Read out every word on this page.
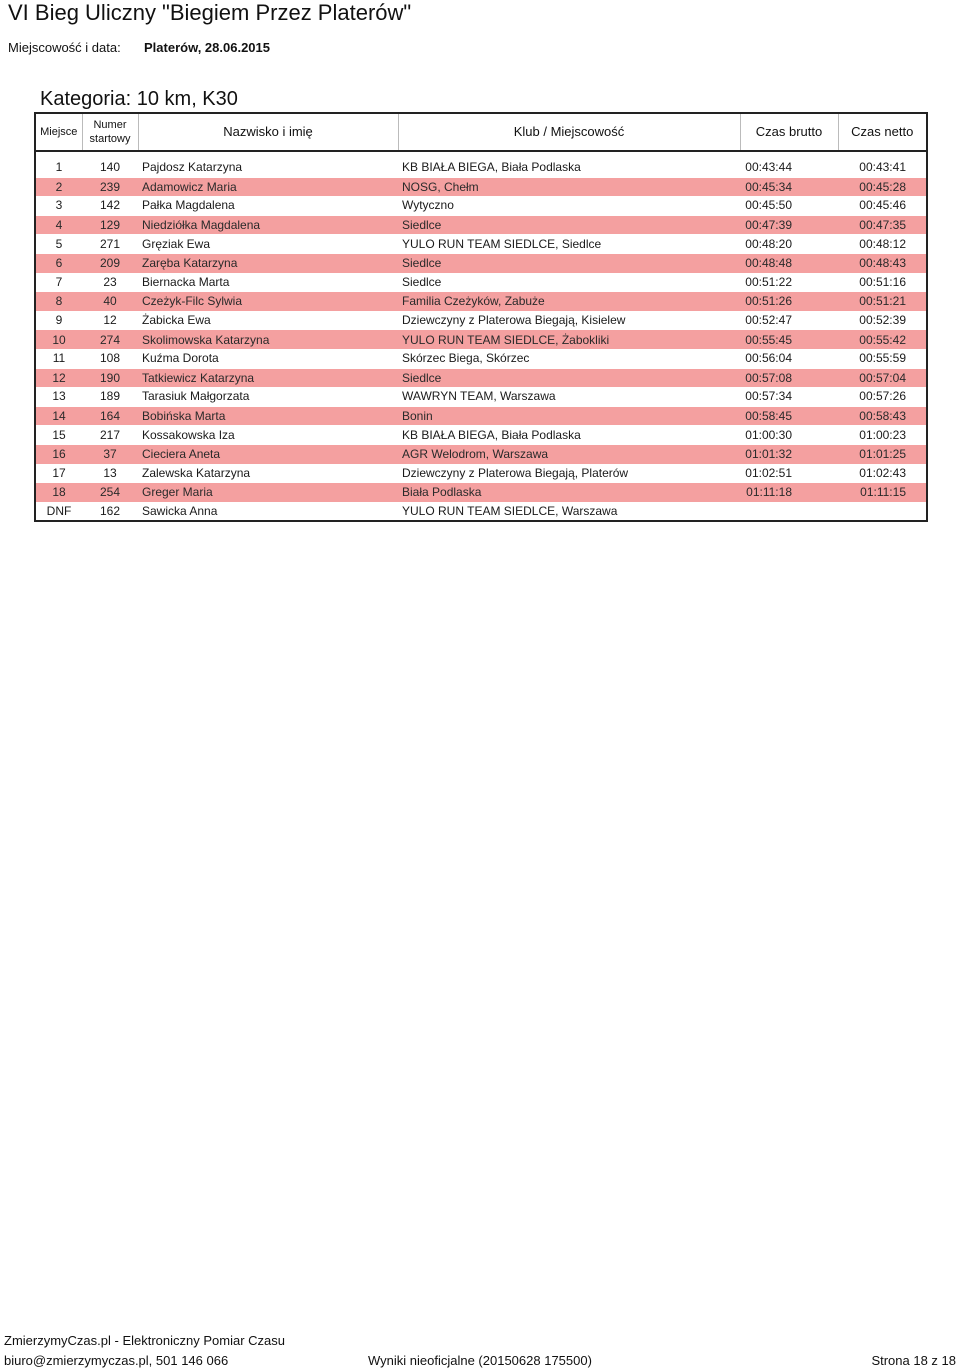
VI Bieg Uliczny "Biegiem Przez Platerów"
Miejscowość i data: Platerów, 28.06.2015
Kategoria: 10 km, K30
Miejsce	Numer
startowy	Nazwisko i imię	Klub / Miejscowość	Czas brutto	Czas netto

1	140	Pajdosz Katarzyna	KB BIAŁA BIEGA, Biała Podlaska	00:43:44	00:43:41
2	239	Adamowicz Maria	NOSG, Chełm	00:45:34	00:45:28
3	142	Pałka Magdalena	Wytyczno	00:45:50	00:45:46
4	129	Niedziółka Magdalena	Siedlce	00:47:39	00:47:35
5	271	Gręziak Ewa	YULO RUN TEAM SIEDLCE, Siedlce	00:48:20	00:48:12
6	209	Zaręba Katarzyna	Siedlce	00:48:48	00:48:43
7	23	Biernacka Marta	Siedlce	00:51:22	00:51:16
8	40	Czeżyk-Filc Sylwia	Familia Czeżyków, Zabuże	00:51:26	00:51:21
9	12	Żabicka Ewa	Dziewczyny z Platerowa Biegają, Kisielew	00:52:47	00:52:39
10	274	Skolimowska Katarzyna	YULO RUN TEAM SIEDLCE, Żabokliki	00:55:45	00:55:42
11	108	Kuźma Dorota	Skórzec Biega, Skórzec	00:56:04	00:55:59
12	190	Tatkiewicz Katarzyna	Siedlce	00:57:08	00:57:04
13	189	Tarasiuk Małgorzata	WAWRYN TEAM, Warszawa	00:57:34	00:57:26
14	164	Bobińska Marta	Bonin	00:58:45	00:58:43
15	217	Kossakowska Iza	KB BIAŁA BIEGA, Biała Podlaska	01:00:30	01:00:23
16	37	Cieciera Aneta	AGR Welodrom, Warszawa	01:01:32	01:01:25
17	13	Zalewska Katarzyna	Dziewczyny z Platerowa Biegają, Platerów	01:02:51	01:02:43
18	254	Greger Maria	Biała Podlaska	01:11:18	01:11:15
DNF	162	Sawicka Anna	YULO RUN TEAM SIEDLCE, Warszawa		
ZmierzymyCzas.pl - Elektroniczny Pomiar Czasu
biuro@zmierzymyczas.pl, 501 146 066	Wyniki nieoficjalne (20150628 175500)	Strona 18 z 18
